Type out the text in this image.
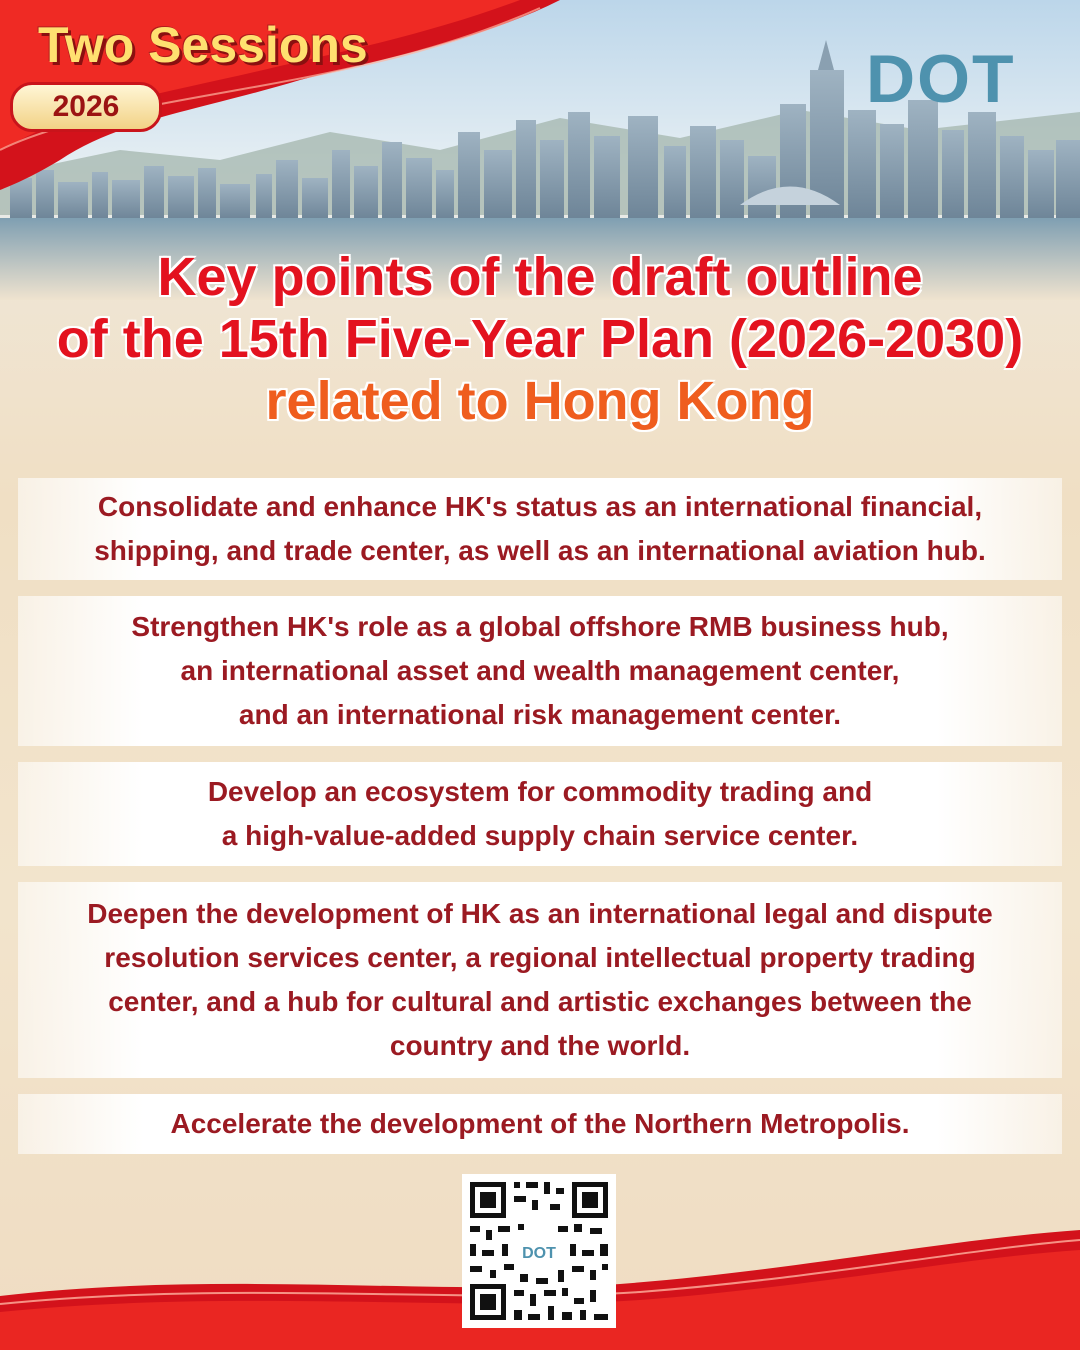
Two Sessions
2026	DOT
Key points of the draft outline
of the 15th Five-Year Plan (2026-2030)
related to Hong Kong
Consolidate and enhance HK's status as an international financial,
shipping, and trade center, as well as an international aviation hub.
Strengthen HK's role as a global offshore RMB business hub,
an international asset and wealth management center,
and an international risk management center.
Develop an ecosystem for commodity trading and
a high-value-added supply chain service center.
Deepen the development of HK as an international legal and dispute
resolution services center, a regional intellectual property trading
center, and a hub for cultural and artistic exchanges between the
country and the world.
Accelerate the development of the Northern Metropolis.
DOT
